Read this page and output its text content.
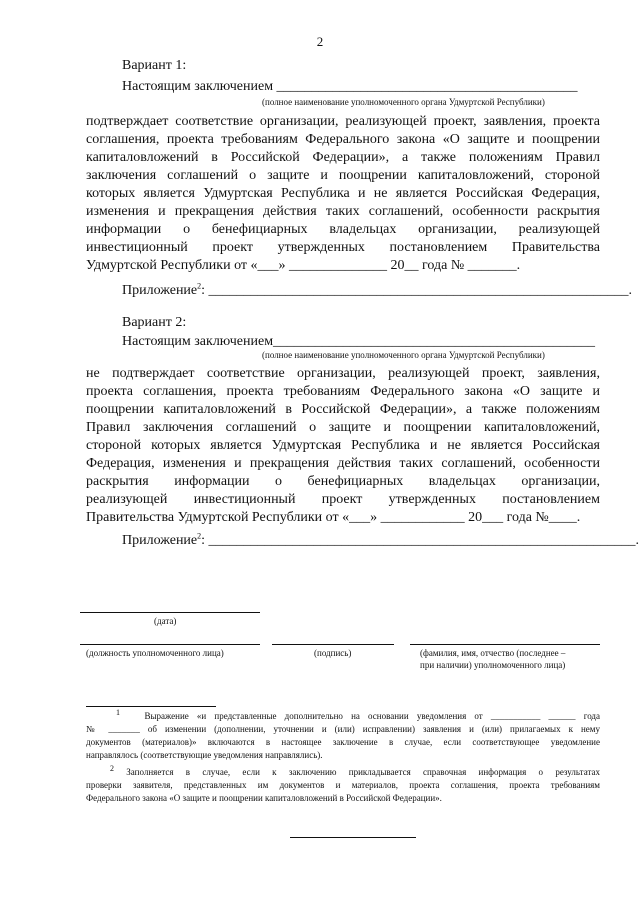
2
Вариант 1:
Настоящим заключением ___________________________________________
(полное наименование уполномоченного органа Удмуртской Республики)
подтверждает соответствие организации, реализующей проект, заявления, проекта
соглашения, проекта требованиям Федерального закона «О защите и поощрении
капиталовложений в Российской Федерации», а также положениям Правил
заключения соглашений о защите и поощрении капиталовложений, стороной
которых является Удмуртская Республика и не является Российская Федерация,
изменения и прекращения действия таких соглашений, особенности раскрытия
информации о бенефициарных владельцах организации, реализующей
инвестиционный проект утвержденных постановлением Правительства
Удмуртской Республики от «___» ______________ 20__ года № _______.
Приложение$^2$: ____________________________________________________________.
Вариант 2:
Настоящим заключением______________________________________________
(полное наименование уполномоченного органа Удмуртской Республики)
не подтверждает соответствие организации, реализующей проект, заявления,
проекта соглашения, проекта требованиям Федерального закона «О защите и
поощрении капиталовложений в Российской Федерации», а также положениям
Правил заключения соглашений о защите и поощрении капиталовложений,
стороной которых является Удмуртская Республика и не является Российская
Федерация, изменения и прекращения действия таких соглашений, особенности
раскрытия информации о бенефициарных владельцах организации,
реализующей инвестиционный проект утвержденных постановлением
Правительства Удмуртской Республики от «___» ____________ 20___ года №____.
Приложение$^2$: _____________________________________________________________.
(дата)
(должность уполномоченного лица)	(подпись)	(фамилия, имя, отчество (последнее –
при наличии) уполномоченного лица)
$^1$	Выражение «и представленные дополнительно на основании уведомления от ___________ ______ года
№ _______ об изменении (дополнении, уточнении и (или) исправлении) заявления и (или) прилагаемых к нему
документов (материалов)» включаются в настоящее заключение в случае, если соответствующее уведомление
направлялось (соответствующие уведомления направлялись).
$^2$ Заполняется в случае, если к заключению прикладывается справочная информация о результатах
проверки заявителя, представленных им документов и материалов, проекта соглашения, проекта требованиям
Федерального закона «О защите и поощрении капиталовложений в Российской Федерации».
